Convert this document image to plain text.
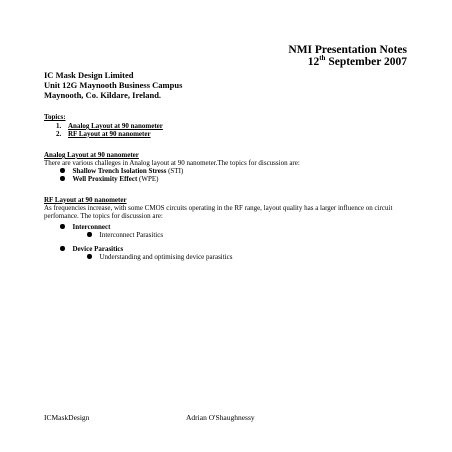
NMI Presentation Notes
12th September 2007
IC Mask Design Limited
Unit 12G Maynooth Business Campus
Maynooth, Co. Kildare, Ireland.
Topics:
1. Analog Layout at 90 nanometer
2. RF Layout at 90 nanometer
Analog Layout at 90 nanometer
There are various challeges in Analog layout at 90 nanometer.The topics for discussion are:
Shallow Trench Isolation Stress (STI)
Well Proximity Effect (WPE)
RF Layout at 90 nanometer
As frequencies increase, with some CMOS circuits operating in the RF range, layout quality has a larger influence on circuit perfomance. The topics for discussion are:
Interconnect
Interconnect Parasitics
Device Parasitics
Understanding and optimising device parasitics
ICMaskDesign	Adrian O'Shaughnessy
